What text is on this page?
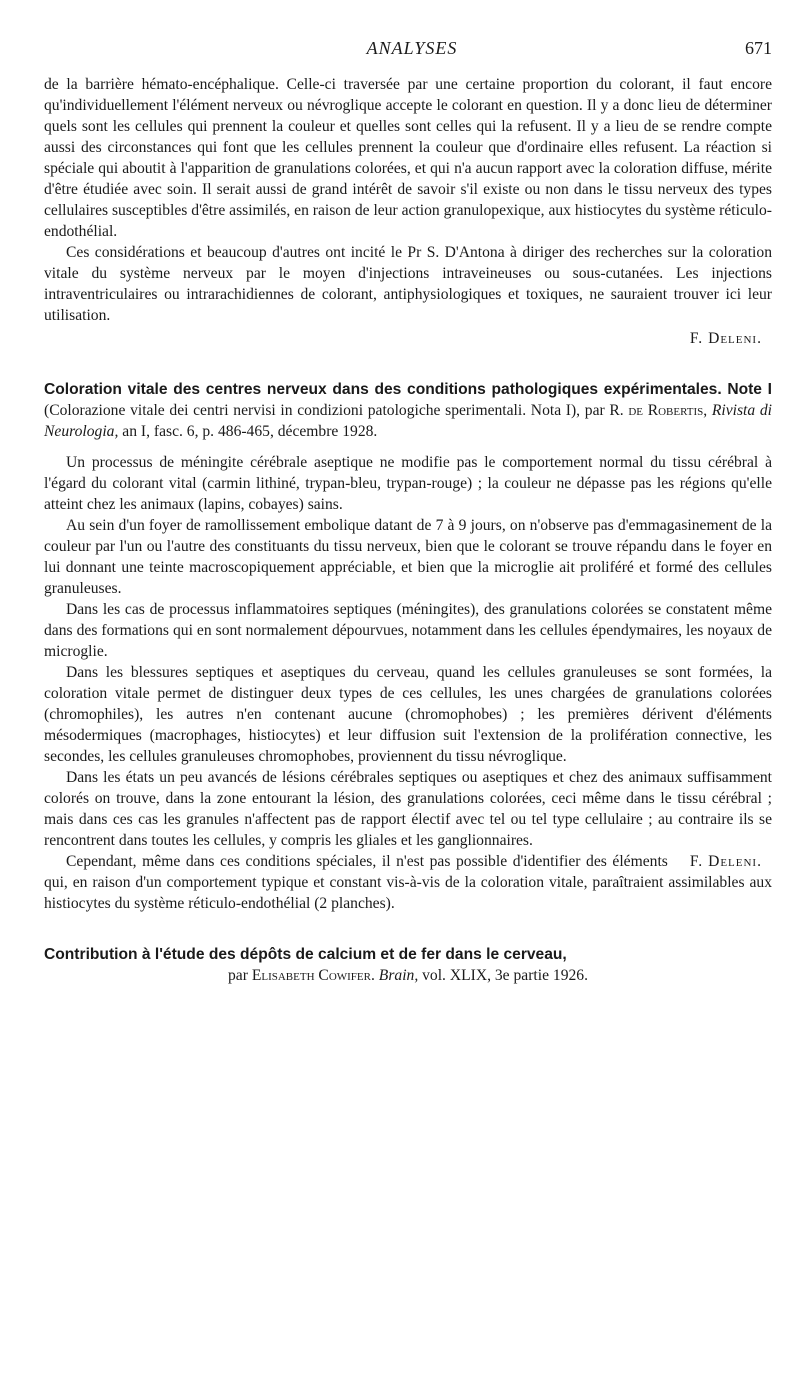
ANALYSES	671

de la barrière hémato-encéphalique. Celle-ci traversée par une certaine proportion du colorant, il faut encore qu'individuellement l'élément nerveux ou névroglique accepte le colorant en question. Il y a donc lieu de déterminer quels sont les cellules qui prennent la couleur et quelles sont celles qui la refusent. Il y a lieu de se rendre compte aussi des circonstances qui font que les cellules prennent la couleur que d'ordinaire elles refusent. La réaction si spéciale qui aboutit à l'apparition de granulations colorées, et qui n'a aucun rapport avec la coloration diffuse, mérite d'être étudiée avec soin. Il serait aussi de grand intérêt de savoir s'il existe ou non dans le tissu nerveux des types cellulaires susceptibles d'être assimilés, en raison de leur action granulopexique, aux histiocytes du système réticulo-endothélial.

Ces considérations et beaucoup d'autres ont incité le Pr S. D'Antona à diriger des recherches sur la coloration vitale du système nerveux par le moyen d'injections intraveineuses ou sous-cutanées. Les injections intraventriculaires ou intrarachidiennes de colorant, antiphysiologiques et toxiques, ne sauraient trouver ici leur utilisation.

F. Deleni.

Coloration vitale des centres nerveux dans des conditions pathologiques expérimentales. Note I (Colorazione vitale dei centri nervisi in condizioni patologiche sperimentali. Nota I), par R. de Robertis, Rivista di Neurologia, an I, fasc. 6, p. 486-465, décembre 1928.

Un processus de méningite cérébrale aseptique ne modifie pas le comportement normal du tissu cérébral à l'égard du colorant vital (carmin lithiné, trypan-bleu, trypan-rouge) ; la couleur ne dépasse pas les régions qu'elle atteint chez les animaux (lapins, cobayes) sains.

Au sein d'un foyer de ramollissement embolique datant de 7 à 9 jours, on n'observe pas d'emmagasinement de la couleur par l'un ou l'autre des constituants du tissu nerveux, bien que le colorant se trouve répandu dans le foyer en lui donnant une teinte macroscopiquement appréciable, et bien que la microglie ait proliféré et formé des cellules granuleuses.

Dans les cas de processus inflammatoires septiques (méningites), des granulations colorées se constatent même dans des formations qui en sont normalement dépourvues, notamment dans les cellules épendymaires, les noyaux de microglie.

Dans les blessures septiques et aseptiques du cerveau, quand les cellules granuleuses se sont formées, la coloration vitale permet de distinguer deux types de ces cellules, les unes chargées de granulations colorées (chromophiles), les autres n'en contenant aucune (chromophobes) ; les premières dérivent d'éléments mésodermiques (macrophages, histiocytes) et leur diffusion suit l'extension de la prolifération connective, les secondes, les cellules granuleuses chromophobes, proviennent du tissu névroglique.

Dans les états un peu avancés de lésions cérébrales septiques ou aseptiques et chez des animaux suffisamment colorés on trouve, dans la zone entourant la lésion, des granulations colorées, ceci même dans le tissu cérébral ; mais dans ces cas les granules n'affectent pas de rapport électif avec tel ou tel type cellulaire ; au contraire ils se rencontrent dans toutes les cellules, y compris les gliales et les ganglionnaires.

F. Deleni.
Cependant, même dans ces conditions spéciales, il n'est pas possible d'identifier des éléments qui, en raison d'un comportement typique et constant vis-à-vis de la coloration vitale, paraîtraient assimilables aux histiocytes du système réticulo-endothélial (2 planches).

Contribution à l'étude des dépôts de calcium et de fer dans le cerveau,

par Elisabeth Cowifer. Brain, vol. XLIX, 3e partie 1926.
